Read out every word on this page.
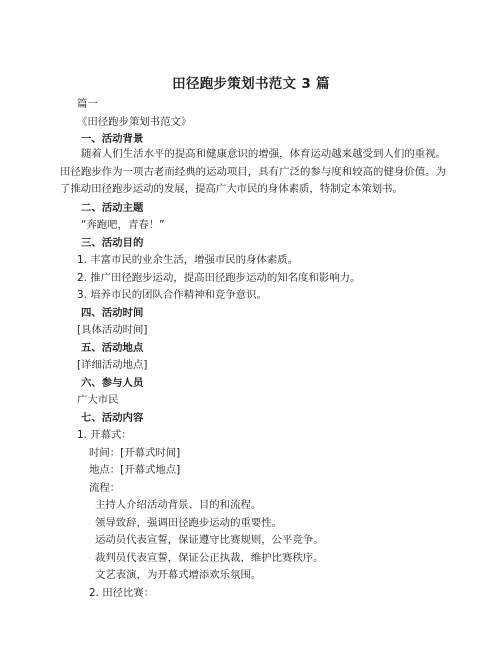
田径跑步策划书范文 3 篇
篇一
《田径跑步策划书范文》
一、活动背景
随着人们生活水平的提高和健康意识的增强，体育运动越来越受到人们的重视。田径跑步作为一项古老而经典的运动项目，具有广泛的参与度和较高的健身价值。为了推动田径跑步运动的发展，提高广大市民的身体素质，特制定本策划书。
二、活动主题
“奔跑吧，青春！”
三、活动目的
1. 丰富市民的业余生活，增强市民的身体素质。
2. 推广田径跑步运动，提高田径跑步运动的知名度和影响力。
3. 培养市民的团队合作精神和竞争意识。
四、活动时间
[具体活动时间]
五、活动地点
[详细活动地点]
六、参与人员
广大市民
七、活动内容
1. 开幕式：
时间：[开幕式时间]
地点：[开幕式地点]
流程：
主持人介绍活动背景、目的和流程。
领导致辞，强调田径跑步运动的重要性。
运动员代表宣誓，保证遵守比赛规则，公平竞争。
裁判员代表宣誓，保证公正执裁，维护比赛秩序。
文艺表演，为开幕式增添欢乐氛围。
2. 田径比赛：
